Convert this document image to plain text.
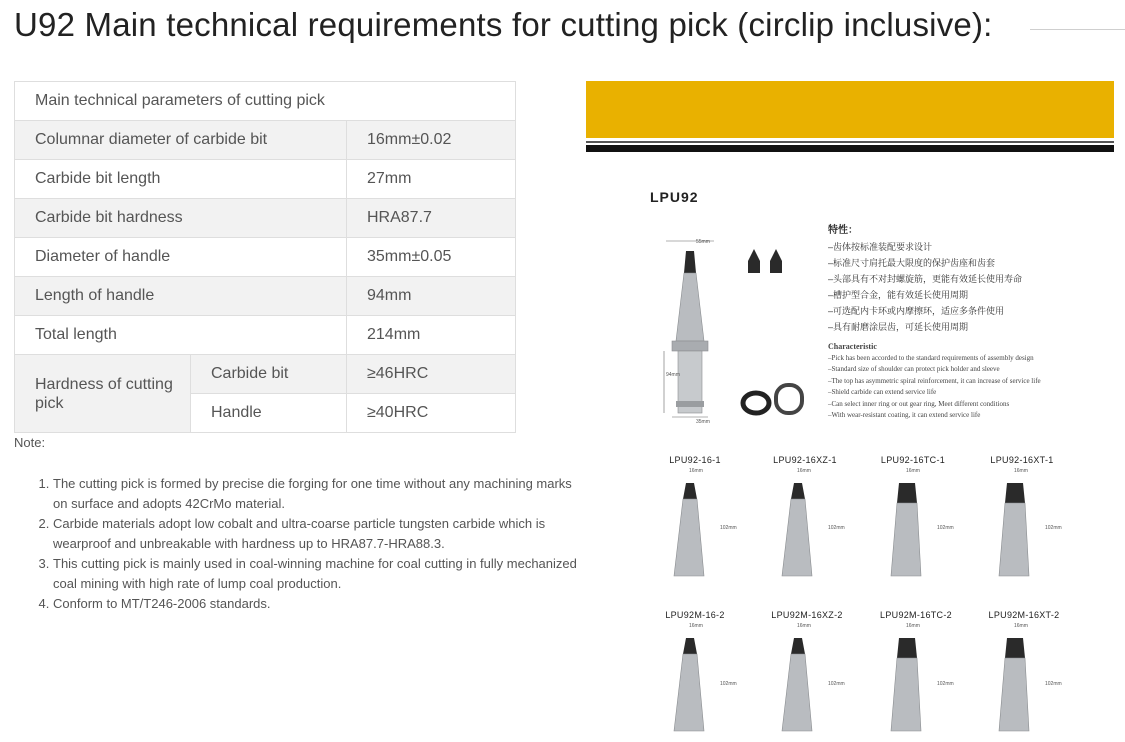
U92 Main technical requirements for cutting pick (circlip inclusive):
Main technical parameters of cutting pick		
Columnar diameter of carbide bit		16mm±0.02
Carbide bit length		27mm
Carbide bit hardness		HRA87.7
Diameter of handle		35mm±0.05
Length of handle		94mm
Total length		214mm
Hardness of cutting pick	Carbide bit	≥46HRC
	Handle	≥40HRC
Note:
1. The cutting pick is formed by precise die forging for one time without any machining marks on surface and adopts 42CrMo material.
2. Carbide materials adopt low cobalt and ultra-coarse particle tungsten carbide which is wearproof and unbreakable with hardness up to HRA87.7-HRA88.3.
3. This cutting pick is mainly used in coal-winning machine for coal cutting in fully mechanized coal mining with high rate of lump coal production.
4. Conform to MT/T246-2006 standards.
LPU92
55mm
94mm
35mm
特性：
–齿体按标准装配要求设计
–标准尺寸肩托最大限度的保护齿座和齿套
–头部具有不对封螺旋筋，更能有效延长使用寿命
–槽护型合金，能有效延长使用周期
–可选配内卡环或内摩擦环，适应多条件使用
–具有耐磨涂层齿，可延长使用周期
Characteristic
–Pick has been accorded to the standard requirements of assembly design
–Standard size of shoulder can protect pick holder and sleeve
–The top has asymmetric spiral reinforcement, it can increase of service life
–Shield carbide can extend service life
–Can select inner ring or out gear ring, Meet different conditions
–With wear-resistant coating, it can extend service life
LPU92-16-1	LPU92-16XZ-1	LPU92-16TC-1	LPU92-16XT-1
16mm	16mm	16mm	16mm
102mm	102mm	102mm	102mm
LPU92M-16-2	LPU92M-16XZ-2	LPU92M-16TC-2	LPU92M-16XT-2
16mm	16mm	16mm	16mm
102mm	102mm	102mm	102mm
